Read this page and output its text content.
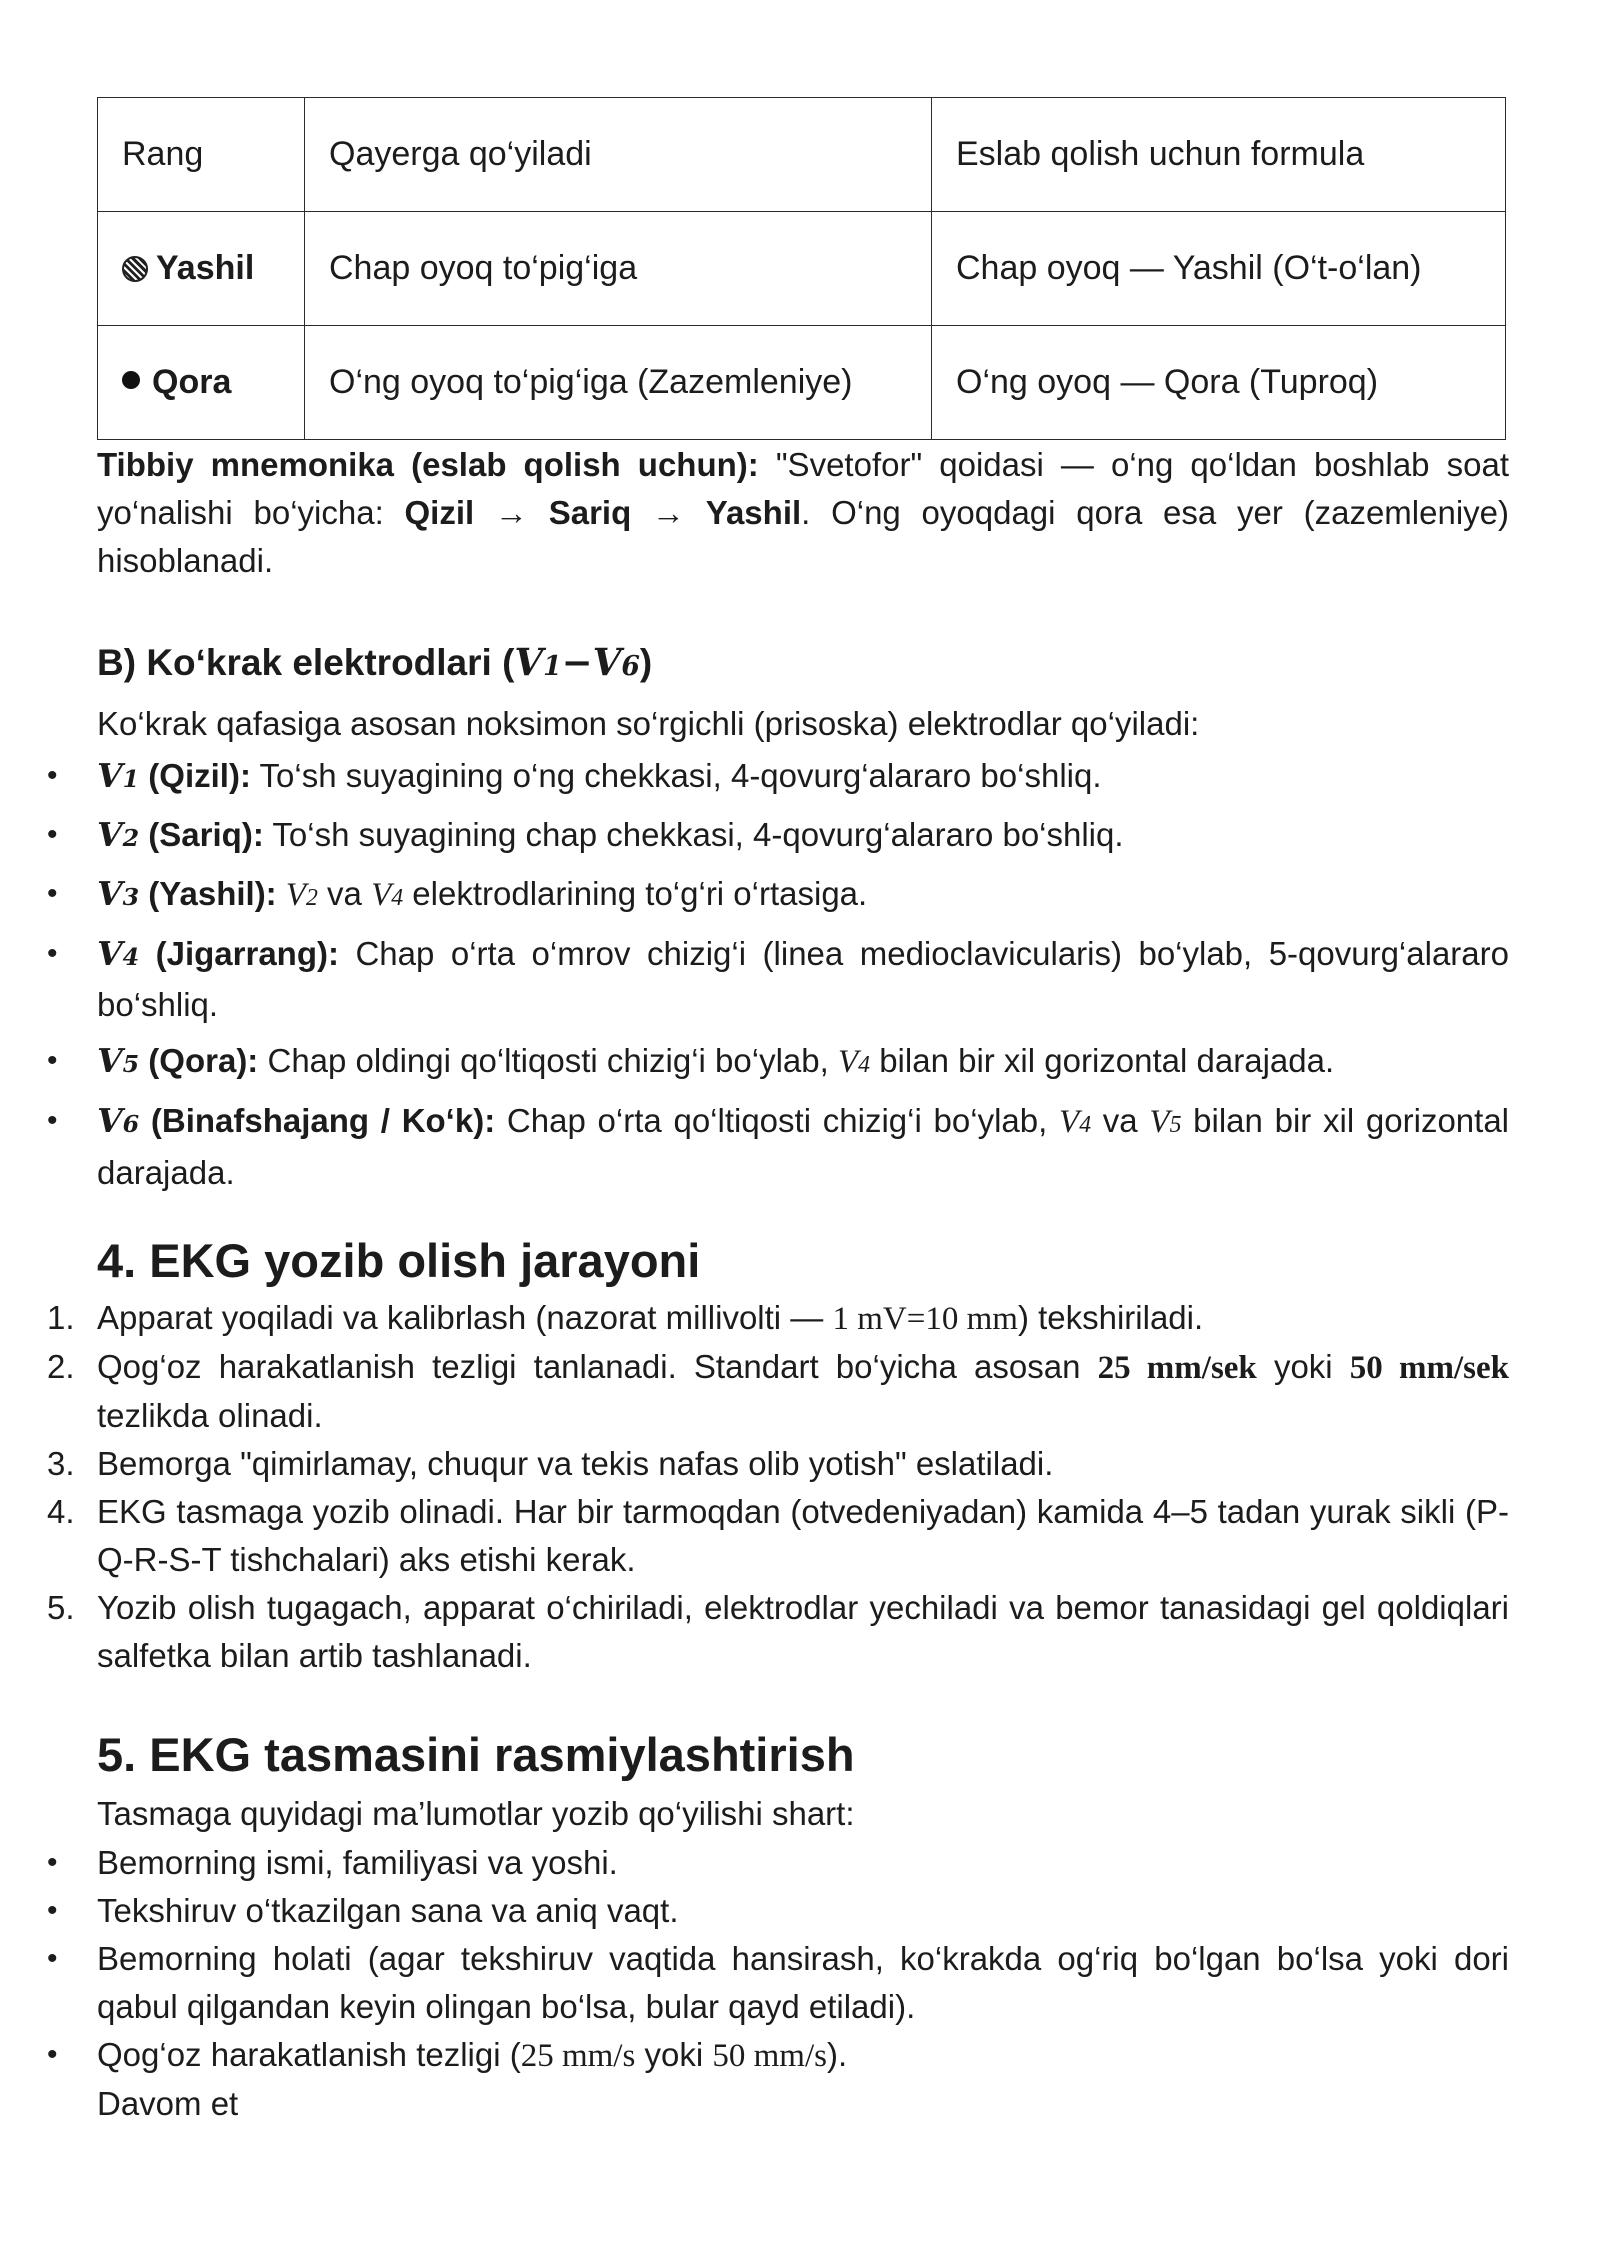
Rang	Qayerga qo‘yiladi	Eslab qolish uchun formula
Yashil	Chap oyoq to‘pig‘iga	Chap oyoq — Yashil (O‘t-o‘lan)
Qora	O‘ng oyoq to‘pig‘iga (Zazemleniye)	O‘ng oyoq — Qora (Tuproq)
Tibbiy mnemonika (eslab qolish uchun): "Svetofor" qoidasi — o‘ng qo‘ldan boshlab soat yo‘nalishi bo‘yicha: Qizil → Sariq → Yashil. O‘ng oyoqdagi qora esa yer (zazemleniye) hisoblanadi.
B) Ko‘krak elektrodlari (V1−V6)
Ko‘krak qafasiga asosan noksimon so‘rgichli (prisoska) elektrodlar qo‘yiladi:
• V1 (Qizil): To‘sh suyagining o‘ng chekkasi, 4-qovurg‘alararo bo‘shliq.
• V2 (Sariq): To‘sh suyagining chap chekkasi, 4-qovurg‘alararo bo‘shliq.
• V3 (Yashil): V2 va V4 elektrodlarining to‘g‘ri o‘rtasiga.
• V4 (Jigarrang): Chap o‘rta o‘mrov chizig‘i (linea medioclavicularis) bo‘ylab, 5-qovurg‘alararo bo‘shliq.
• V5 (Qora): Chap oldingi qo‘ltiqosti chizig‘i bo‘ylab, V4 bilan bir xil gorizontal darajada.
• V6 (Binafshajang / Ko‘k): Chap o‘rta qo‘ltiqosti chizig‘i bo‘ylab, V4 va V5 bilan bir xil gorizontal darajada.
4. EKG yozib olish jarayoni
1. Apparat yoqiladi va kalibrlash (nazorat millivolti — 1 mV=10 mm) tekshiriladi.
2. Qog‘oz harakatlanish tezligi tanlanadi. Standart bo‘yicha asosan 25 mm/sek yoki 50 mm/sek tezlikda olinadi.
3. Bemorga "qimirlamay, chuqur va tekis nafas olib yotish" eslatiladi.
4. EKG tasmaga yozib olinadi. Har bir tarmoqdan (otvedeniyadan) kamida 4–5 tadan yurak sikli (P-Q-R-S-T tishchalari) aks etishi kerak.
5. Yozib olish tugagach, apparat o‘chiriladi, elektrodlar yechiladi va bemor tanasidagi gel qoldiqlari salfetka bilan artib tashlanadi.
5. EKG tasmasini rasmiylashtirish
Tasmaga quyidagi ma’lumotlar yozib qo‘yilishi shart:
• Bemorning ismi, familiyasi va yoshi.
• Tekshiruv o‘tkazilgan sana va aniq vaqt.
• Bemorning holati (agar tekshiruv vaqtida hansirash, ko‘krakda og‘riq bo‘lgan bo‘lsa yoki dori qabul qilgandan keyin olingan bo‘lsa, bular qayd etiladi).
• Qog‘oz harakatlanish tezligi (25 mm/s yoki 50 mm/s).
Davom et
